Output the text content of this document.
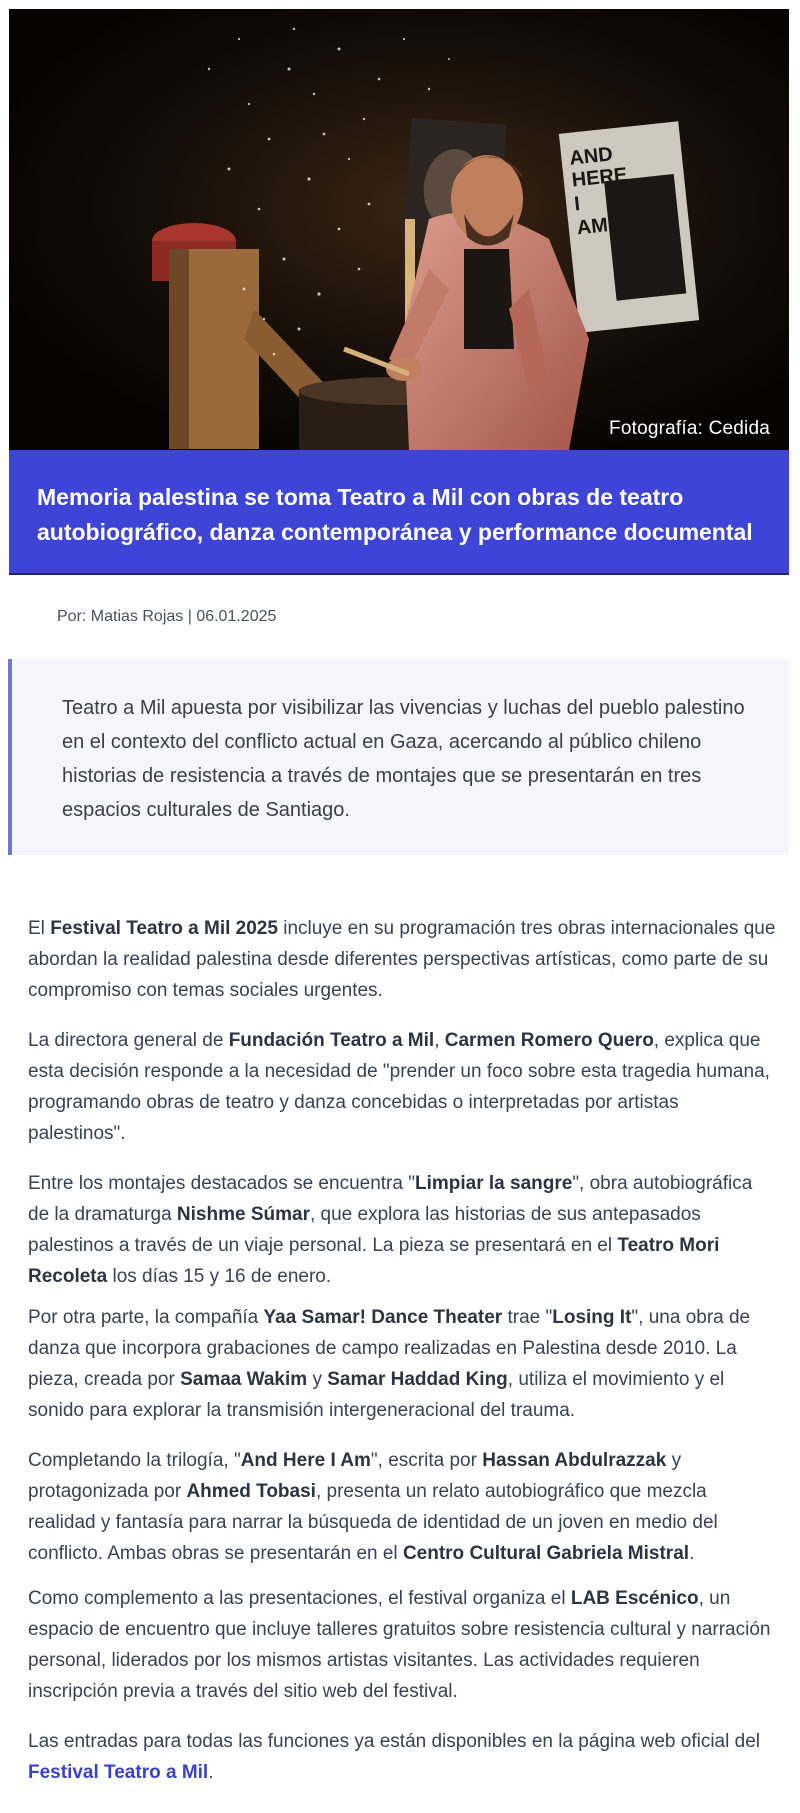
AND
HERE
I
AM
Fotografía: Cedida
Memoria palestina se toma Teatro a Mil con obras de teatro
autobiográfico, danza contemporánea y performance documental
Por: Matias Rojas | 06.01.2025

Teatro a Mil apuesta por visibilizar las vivencias y luchas del pueblo palestino en el contexto del conflicto actual en Gaza, acercando al público chileno historias de resistencia a través de montajes que se presentarán en tres espacios culturales de Santiago.

El Festival Teatro a Mil 2025 incluye en su programación tres obras internacionales que abordan la realidad palestina desde diferentes perspectivas artísticas, como parte de su compromiso con temas sociales urgentes.

La directora general de Fundación Teatro a Mil, Carmen Romero Quero, explica que esta decisión responde a la necesidad de "prender un foco sobre esta tragedia humana, programando obras de teatro y danza concebidas o interpretadas por artistas palestinos".

Entre los montajes destacados se encuentra "Limpiar la sangre", obra autobiográfica de la dramaturga Nishme Súmar, que explora las historias de sus antepasados palestinos a través de un viaje personal. La pieza se presentará en el Teatro Mori Recoleta los días 15 y 16 de enero.

Por otra parte, la compañía Yaa Samar! Dance Theater trae "Losing It", una obra de danza que incorpora grabaciones de campo realizadas en Palestina desde 2010. La pieza, creada por Samaa Wakim y Samar Haddad King, utiliza el movimiento y el sonido para explorar la transmisión intergeneracional del trauma.

Completando la trilogía, "And Here I Am", escrita por Hassan Abdulrazzak y protagonizada por Ahmed Tobasi, presenta un relato autobiográfico que mezcla realidad y fantasía para narrar la búsqueda de identidad de un joven en medio del conflicto. Ambas obras se presentarán en el Centro Cultural Gabriela Mistral.

Como complemento a las presentaciones, el festival organiza el LAB Escénico, un espacio de encuentro que incluye talleres gratuitos sobre resistencia cultural y narración personal, liderados por los mismos artistas visitantes. Las actividades requieren inscripción previa a través del sitio web del festival.

Las entradas para todas las funciones ya están disponibles en la página web oficial del Festival Teatro a Mil.
